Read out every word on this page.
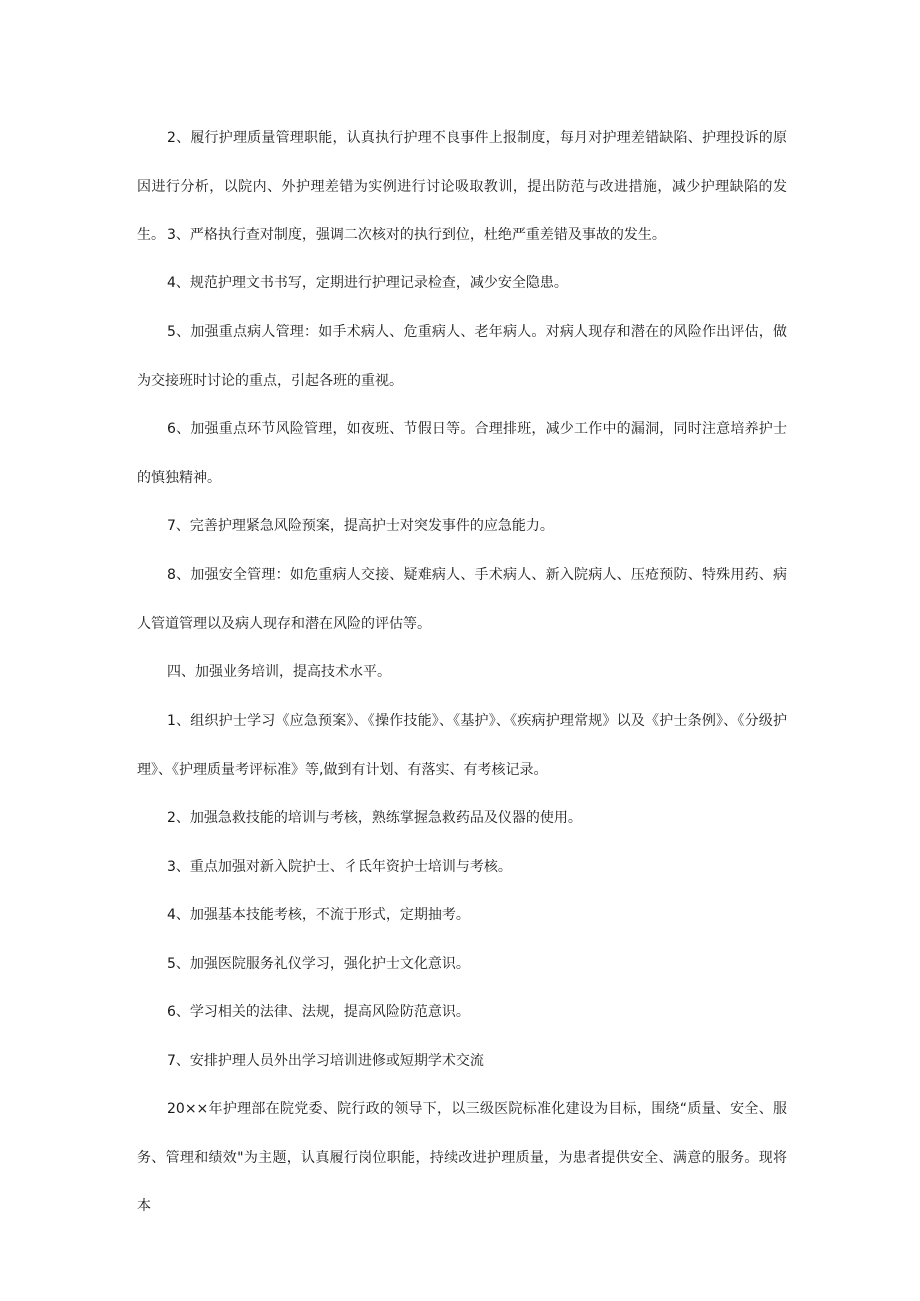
2、履行护理质量管理职能，认真执行护理不良事件上报制度，每月对护理差错缺陷、护理投诉的原因进行分析，以院内、外护理差错为实例进行讨论吸取教训，提出防范与改进措施，减少护理缺陷的发生。 3、严格执行查对制度，强调二次核对的执行到位，杜绝严重差错及事故的发生。

4、规范护理文书书写，定期进行护理记录检查，减少安全隐患。

5、加强重点病人管理：如手术病人、危重病人、老年病人。对病人现存和潜在的风险作出评估，做为交接班时讨论的重点，引起各班的重视。

6、加强重点环节风险管理，如夜班、节假日等。合理排班，减少工作中的漏洞，同时注意培养护士的慎独精神。

7、完善护理紧急风险预案，提高护士对突发事件的应急能力。

8、加强安全管理：如危重病人交接、疑难病人、手术病人、新入院病人、压疮预防、特殊用药、病人管道管理以及病人现存和潜在风险的评估等。

四、加强业务培训，提高技术水平。

1、组织护士学习《应急预案》、《操作技能》、《基护》、《疾病护理常规》以及《护士条例》、《分级护理》、《护理质量考评标准》等,做到有计划、有落实、有考核记录。

2、加强急救技能的培训与考核，熟练掌握急救药品及仪器的使用。

3、重点加强对新入院护士、彳氐年资护士培训与考核。

4、加强基本技能考核，不流于形式，定期抽考。

5、加强医院服务礼仪学习，强化护士文化意识。

6、学习相关的法律、法规，提高风险防范意识。

7、安排护理人员外出学习培训进修或短期学术交流

20××年护理部在院党委、院行政的领导下，以三级医院标准化建设为目标，围绕“质量、安全、服务、管理和绩效"为主题，认真履行岗位职能，持续改进护理质量，为患者提供安全、满意的服务。现将本
